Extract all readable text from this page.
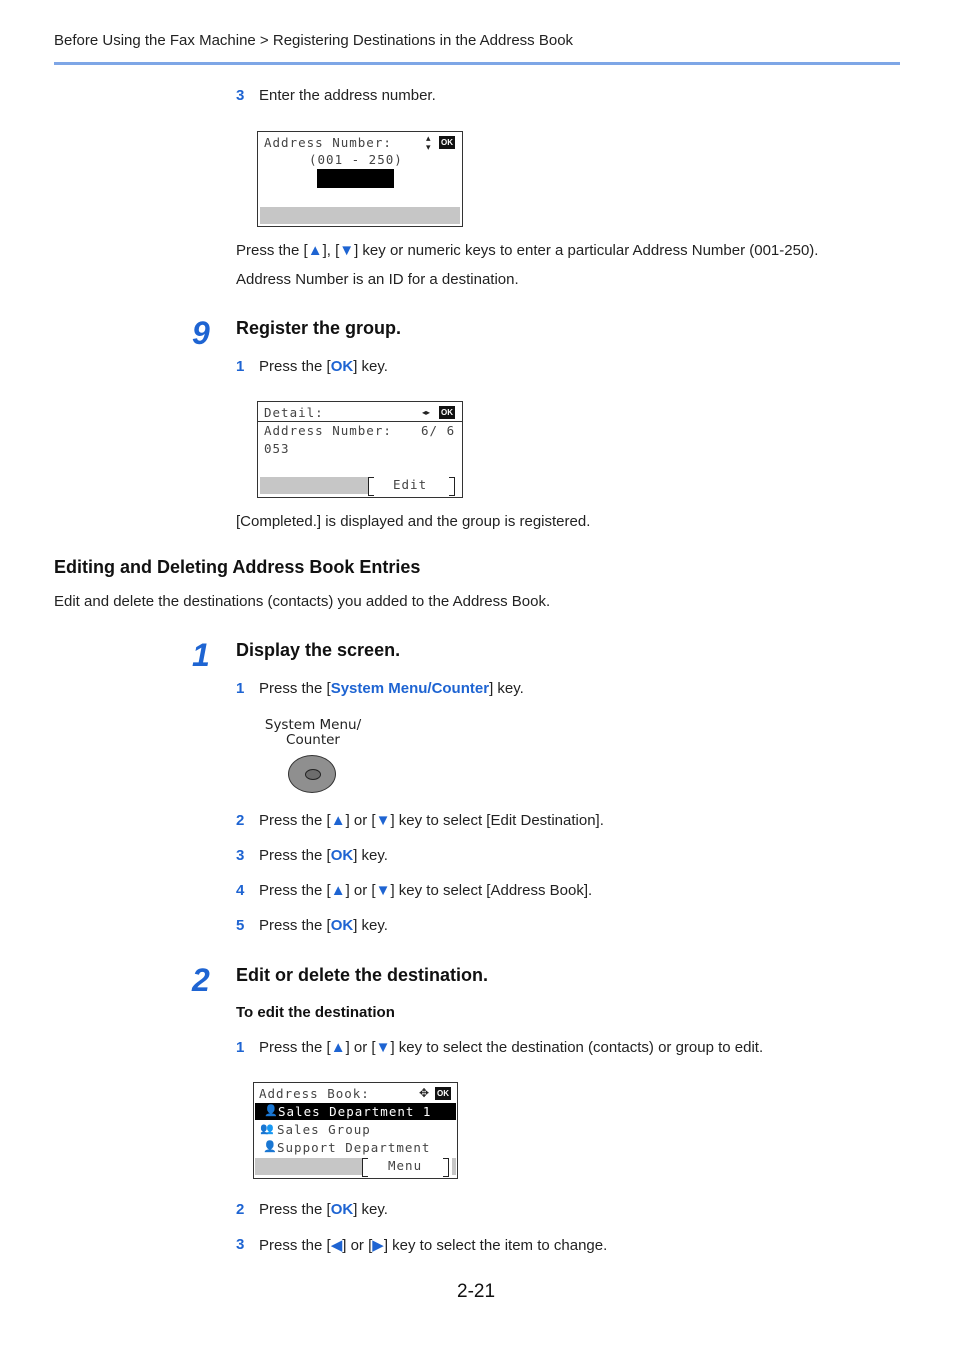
Before Using the Fax Machine > Registering Destinations in the Address Book
3 Enter the address number.
Address Number:	▴
▾
OK
(001 - 250)

053

Press the [▲], [▼] key or numeric keys to enter a particular Address Number (001-250).
Address Number is an ID for a destination.
9 Register the group.
1 Press the [OK] key.
Detail:	◂▸ OK
Address Number: 6/ 6
053
Edit
[Completed.] is displayed and the group is registered.
Editing and Deleting Address Book Entries
Edit and delete the destinations (contacts) you added to the Address Book.
1 Display the screen.
1 Press the [System Menu/Counter] key.
System Menu/
Counter
2 Press the [▲] or [▼] key to select [Edit Destination].
3 Press the [OK] key.
4 Press the [▲] or [▼] key to select [Address Book].
5 Press the [OK] key.
2 Edit or delete the destination.
To edit the destination
1 Press the [▲] or [▼] key to select the destination (contacts) or group to edit.
Address Book:	✥ OK

👤

Sales Department 1

👥 Sales Group
👤 Support Department
Menu
2 Press the [OK] key.
3 Press the [◀] or [▶] key to select the item to change.
2-21
